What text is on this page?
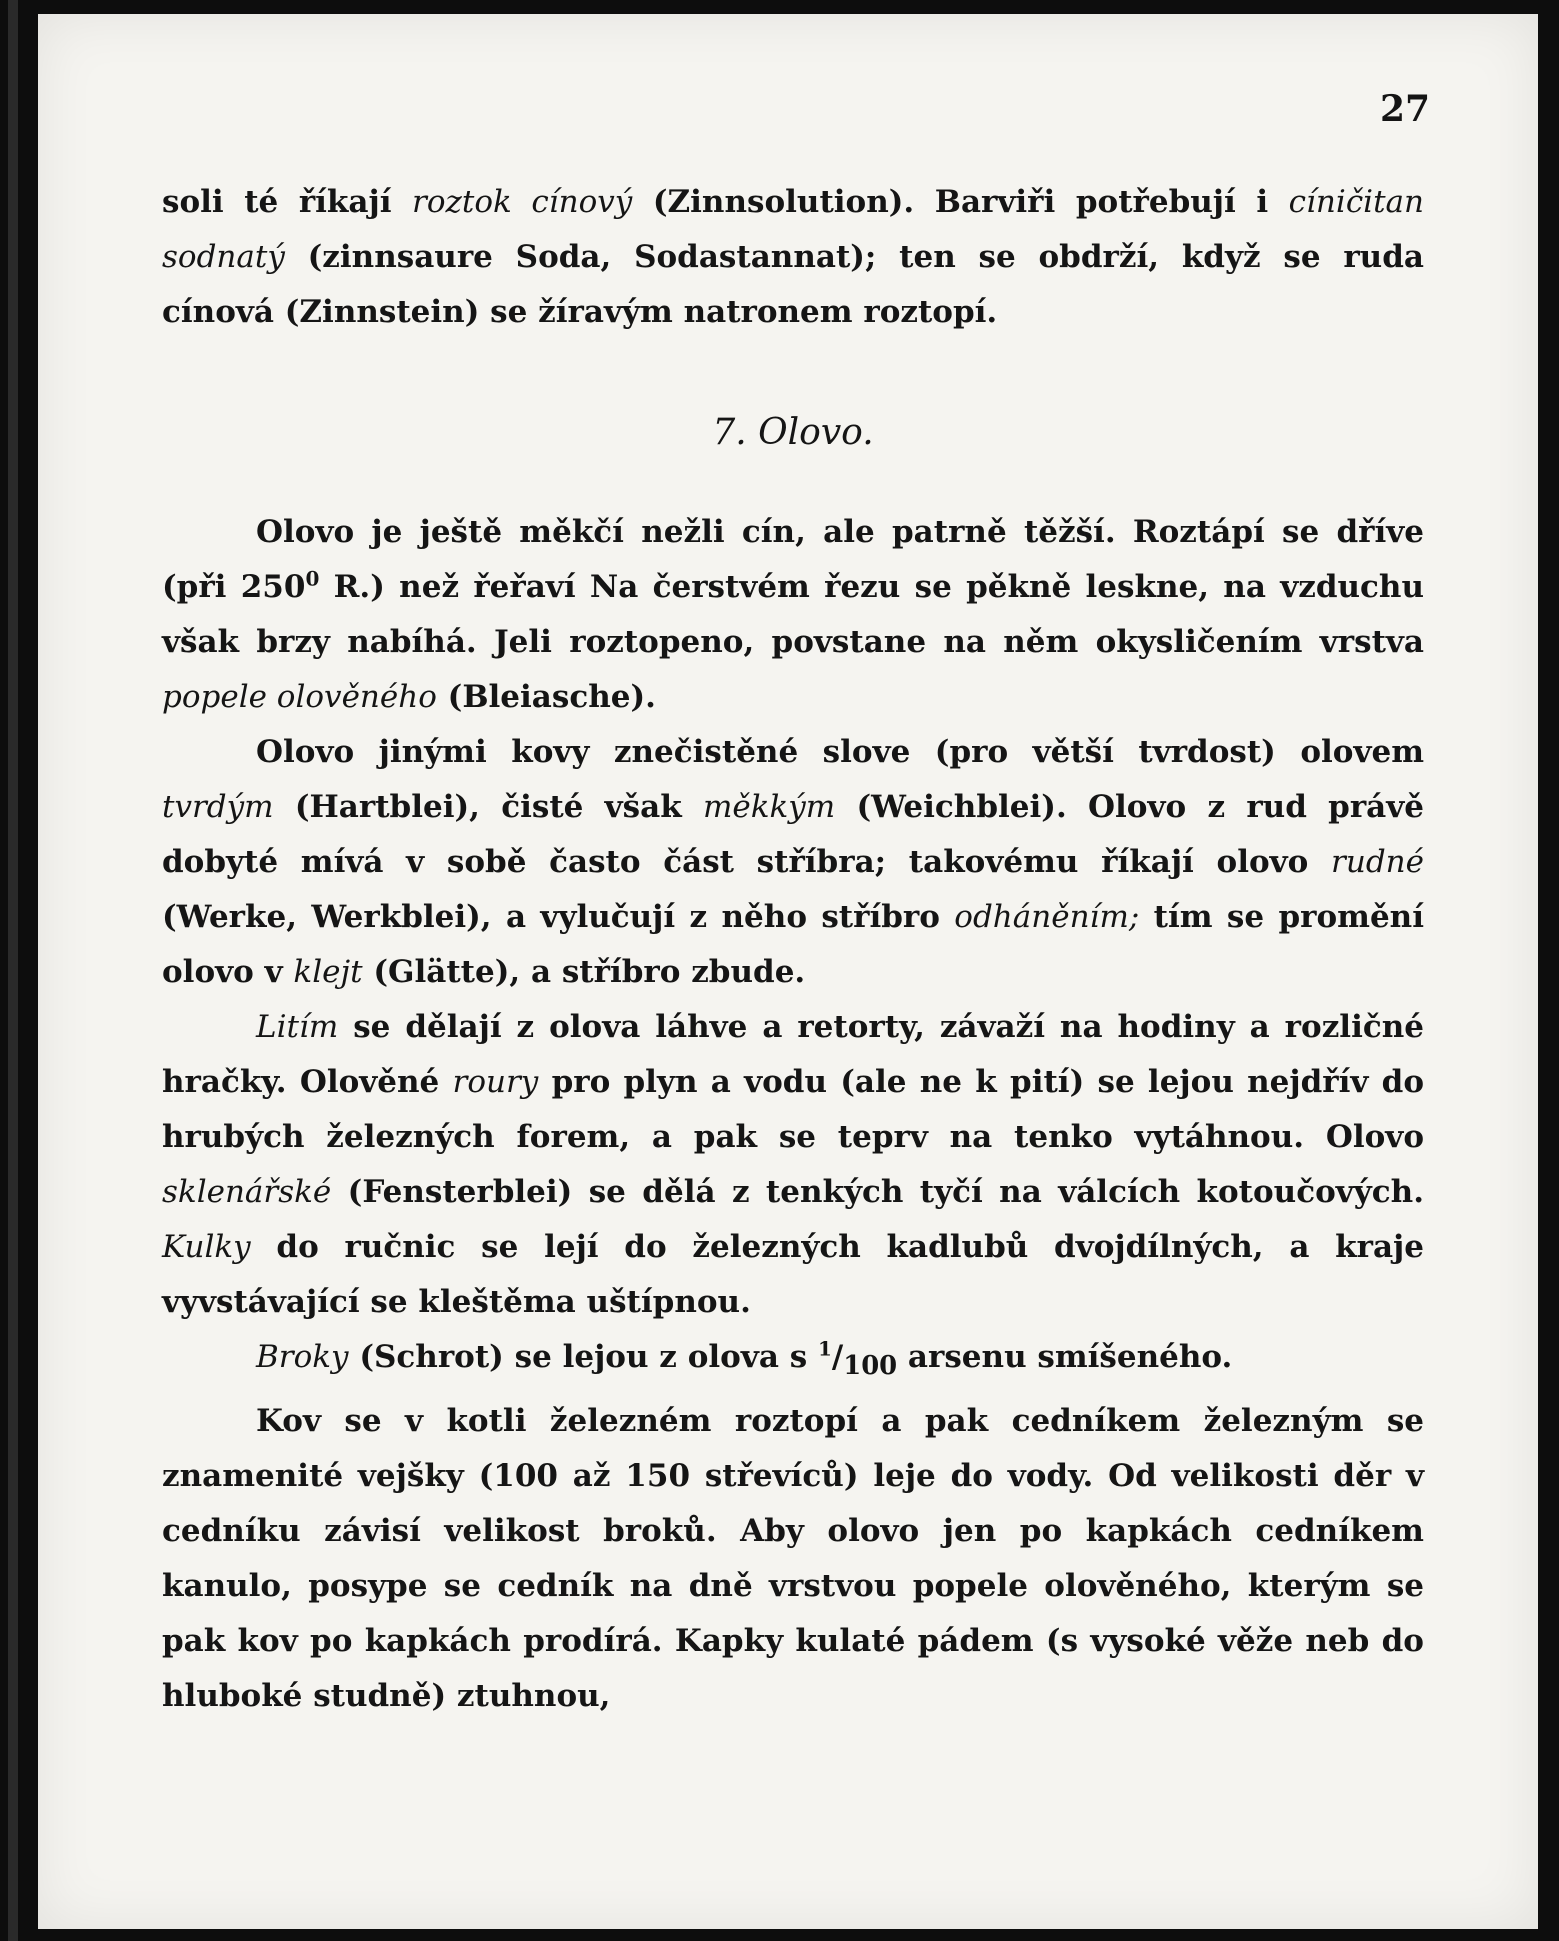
27

soli té říkají roztok cínový (Zinnsolution). Barviři potřebují i cíničitan sodnatý (zinnsaure Soda, Sodastannat); ten se obdrží, když se ruda cínová (Zinnstein) se žíravým natronem roztopí.

7. Olovo.

Olovo je ještě měkčí nežli cín, ale patrně těžší. Roztápí se dříve (při $250^0$ R.) než řeřaví Na čerstvém řezu se pěkně leskne, na vzduchu však brzy nabíhá. Jeli roztopeno, povstane na něm okysličením vrstva popele olověného (Bleiasche).

Olovo jinými kovy znečistěné slove (pro větší tvrdost) olovem tvrdým (Hartblei), čisté však měkkým (Weichblei). Olovo z rud právě dobyté mívá v sobě často část stříbra; takovému říkají olovo rudné (Werke, Werkblei), a vylučují z něho stříbro odháněním; tím se promění olovo v klejt (Glätte), a stříbro zbude.

Litím se dělají z olova láhve a retorty, závaží na hodiny a rozličné hračky. Olověné roury pro plyn a vodu (ale ne k pití) se lejou nejdřív do hrubých železných forem, a pak se teprv na tenko vytáhnou. Olovo sklenářské (Fensterblei) se dělá z tenkých tyčí na válcích kotoučových. Kulky do ručnic se lejí do železných kadlubů dvojdílných, a kraje vyvstávající se kleštěma uštípnou.

Broky (Schrot) se lejou z olova s $^1/_{100}$ arsenu smíšeného.

Kov se v kotli železném roztopí a pak cedníkem železným se znamenité vejšky (100 až 150 střevíců) leje do vody. Od velikosti děr v cedníku závisí velikost broků. Aby olovo jen po kapkách cedníkem kanulo, posype se cedník na dně vrstvou popele olověného, kterým se pak kov po kapkách prodírá. Kapky kulaté pádem (s vysoké věže neb do hluboké studně) ztuhnou,
